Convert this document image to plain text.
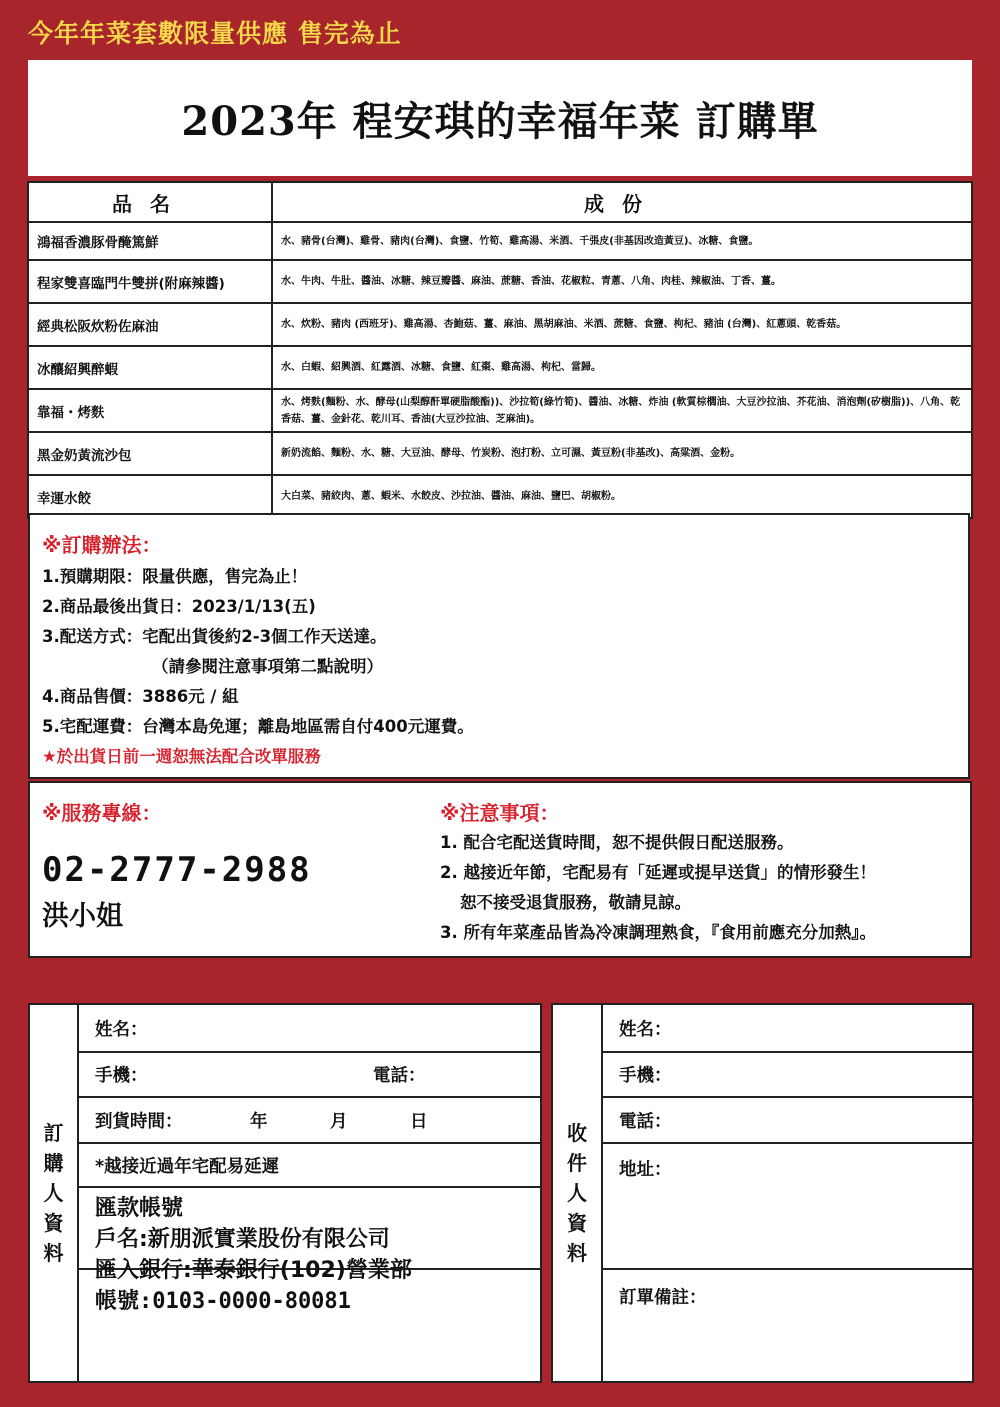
今年年菜套數限量供應 售完為止
2023年 程安琪的幸福年菜 訂購單
品名	成份
鴻福香濃豚骨醃篤鮮	水、豬骨(台灣)、雞骨、豬肉(台灣)、食鹽、竹筍、雞高湯、米酒、千張皮(非基因改造黃豆)、冰糖、食鹽。
程家雙喜臨門牛雙拼(附麻辣醬)	水、牛肉、牛肚、醬油、冰糖、辣豆瓣醬、麻油、蔗糖、香油、花椒粒、青蔥、八角、肉桂、辣椒油、丁香、薑。
經典松阪炊粉佐麻油	水、炊粉、豬肉 (西班牙)、雞高湯、杏鮑菇、薑、麻油、黑胡麻油、米酒、蔗糖、食鹽、枸杞、豬油 (台灣)、紅蔥頭、乾香菇。
冰釀紹興醉蝦	水、白蝦、紹興酒、紅露酒、冰糖、食鹽、紅棗、雞高湯、枸杞、當歸。
靠福・烤麩	水、烤麩(麵粉、水、酵母(山梨醇酐單硬脂酸酯))、沙拉筍(綠竹筍)、醬油、冰糖、炸油 (軟質棕櫚油、大豆沙拉油、芥花油、消泡劑(矽樹脂))、八角、乾香菇、薑、金針花、乾川耳、香油(大豆沙拉油、芝麻油)。
黑金奶黃流沙包	新奶流餡、麵粉、水、糖、大豆油、酵母、竹炭粉、泡打粉、立可濕、黃豆粉(非基改)、高粱酒、金粉。
幸運水餃	大白菜、豬絞肉、蔥、蝦米、水餃皮、沙拉油、醬油、麻油、鹽巴、胡椒粉。
※訂購辦法：
1.預購期限：限量供應，售完為止！
2.商品最後出貨日：2023/1/13(五)
3.配送方式：宅配出貨後約2-3個工作天送達。
（請參閱注意事項第二點說明）
4.商品售價：3886元 / 組
5.宅配運費：台灣本島免運；離島地區需自付400元運費。
★於出貨日前一週恕無法配合改單服務
※服務專線：
02-2777-2988
洪小姐
※注意事項：
1. 配合宅配送貨時間，恕不提供假日配送服務。
2. 越接近年節，宅配易有「延遲或提早送貨」的情形發生！
恕不接受退貨服務，敬請見諒。
3. 所有年菜產品皆為冷凍調理熟食，『食用前應充分加熱』。
訂
購
人
資
料
姓名：
手機：	電話：
到貨時間：	年	月	日
*越接近過年宅配易延遲
匯款帳號
戶名:新朋派實業股份有限公司
匯入銀行:華泰銀行(102)營業部
帳號:0103-0000-80081
收
件
人
資
料
姓名：
手機：
電話：
地址：
訂單備註：
